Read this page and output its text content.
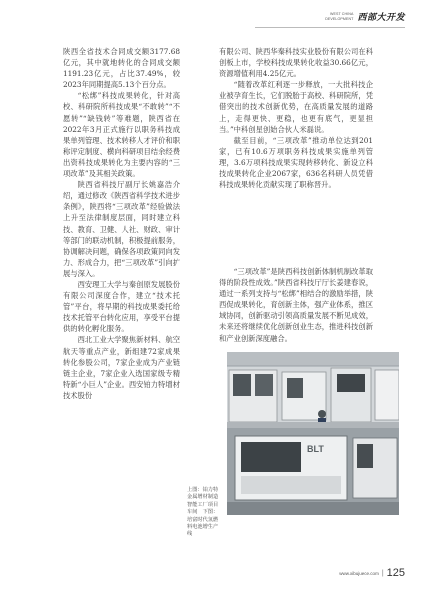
WEST CHINA
DEVELOPMENT 西部大开发

陕西全省技术合同成交额3177.68亿元，其中就地转化的合同成交额1191.23亿元，占比37.49%，较2023年同期提高5.13个百分点。

“松绑”科技成果转化，针对高校、科研院所科技成果“不敢转”“不愿转”“缺钱转”等难题，陕西省在2022年3月正式施行以职务科技成果单列管理、技术转移人才评价和职称评定制度、横向科研项目结余经费出资科技成果转化为主要内容的“三项改革”及其相关政策。

陕西省科技厅副厅长姚嘉浩介绍，通过修改《陕西省科学技术进步条例》，陕西将“三项改革”经验做法上升至法律制度层面，同时建立科技、教育、卫健、人社、财政、审计等部门的联动机制，积极提前服务，协调解决问题，确保各项政策同向发力、形成合力，把“三项改革”引向扩展与深入。

西安理工大学与秦创原发展股份有限公司深度合作，建立“技术托管”平台，将早期的科技成果委托给技术托管平台转化应用，享受平台提供的转化孵化服务。

西北工业大学聚焦新材料、航空航天等重点产业，新组建72家成果转化参股公司，7家企业成为产业链链主企业，7家企业入选国家级专精特新“小巨人”企业。西安铂力特增材技术股份

有限公司、陕西华秦科技实业股份有限公司在科创板上市，学校科技成果转化收益30.66亿元，资源增值利用4.25亿元。

“随着改革红利逐一步释放，一大批科技企业被孕育生长，它们脱胎于高校、科研院所，凭借突出的技术创新优势，在高质量发展的道路上，走得更快、更稳，也更有底气，更显担当。”中科创星创始合伙人米磊说。

截至目前，“三项改革”推动单位达到201家，已有10.6万项职务科技成果实施单列管理，3.6万项科技成果实现转移转化、新设立科技成果转化企业2067家，636名科研人员凭借科技成果转化贡献实现了职称晋升。

“三项改革”是陕西科技创新体制机制改革取得的阶段性成效。”陕西省科技厅厅长姜建春说，通过一系列支持与“松绑”相结合的激励举措，陕西促成果转化，育创新主体，强产业体系，推区域协同，创新驱动引领高质量发展不断见成效，未来还将继续优化创新创业生态，推进科技创新和产业创新深度融合。

BLT
上图：铂力特金属增材制造智能工厂项目车间　下图：培富时代氢燃料电池增生产线
www.xibujuece.com | 125
